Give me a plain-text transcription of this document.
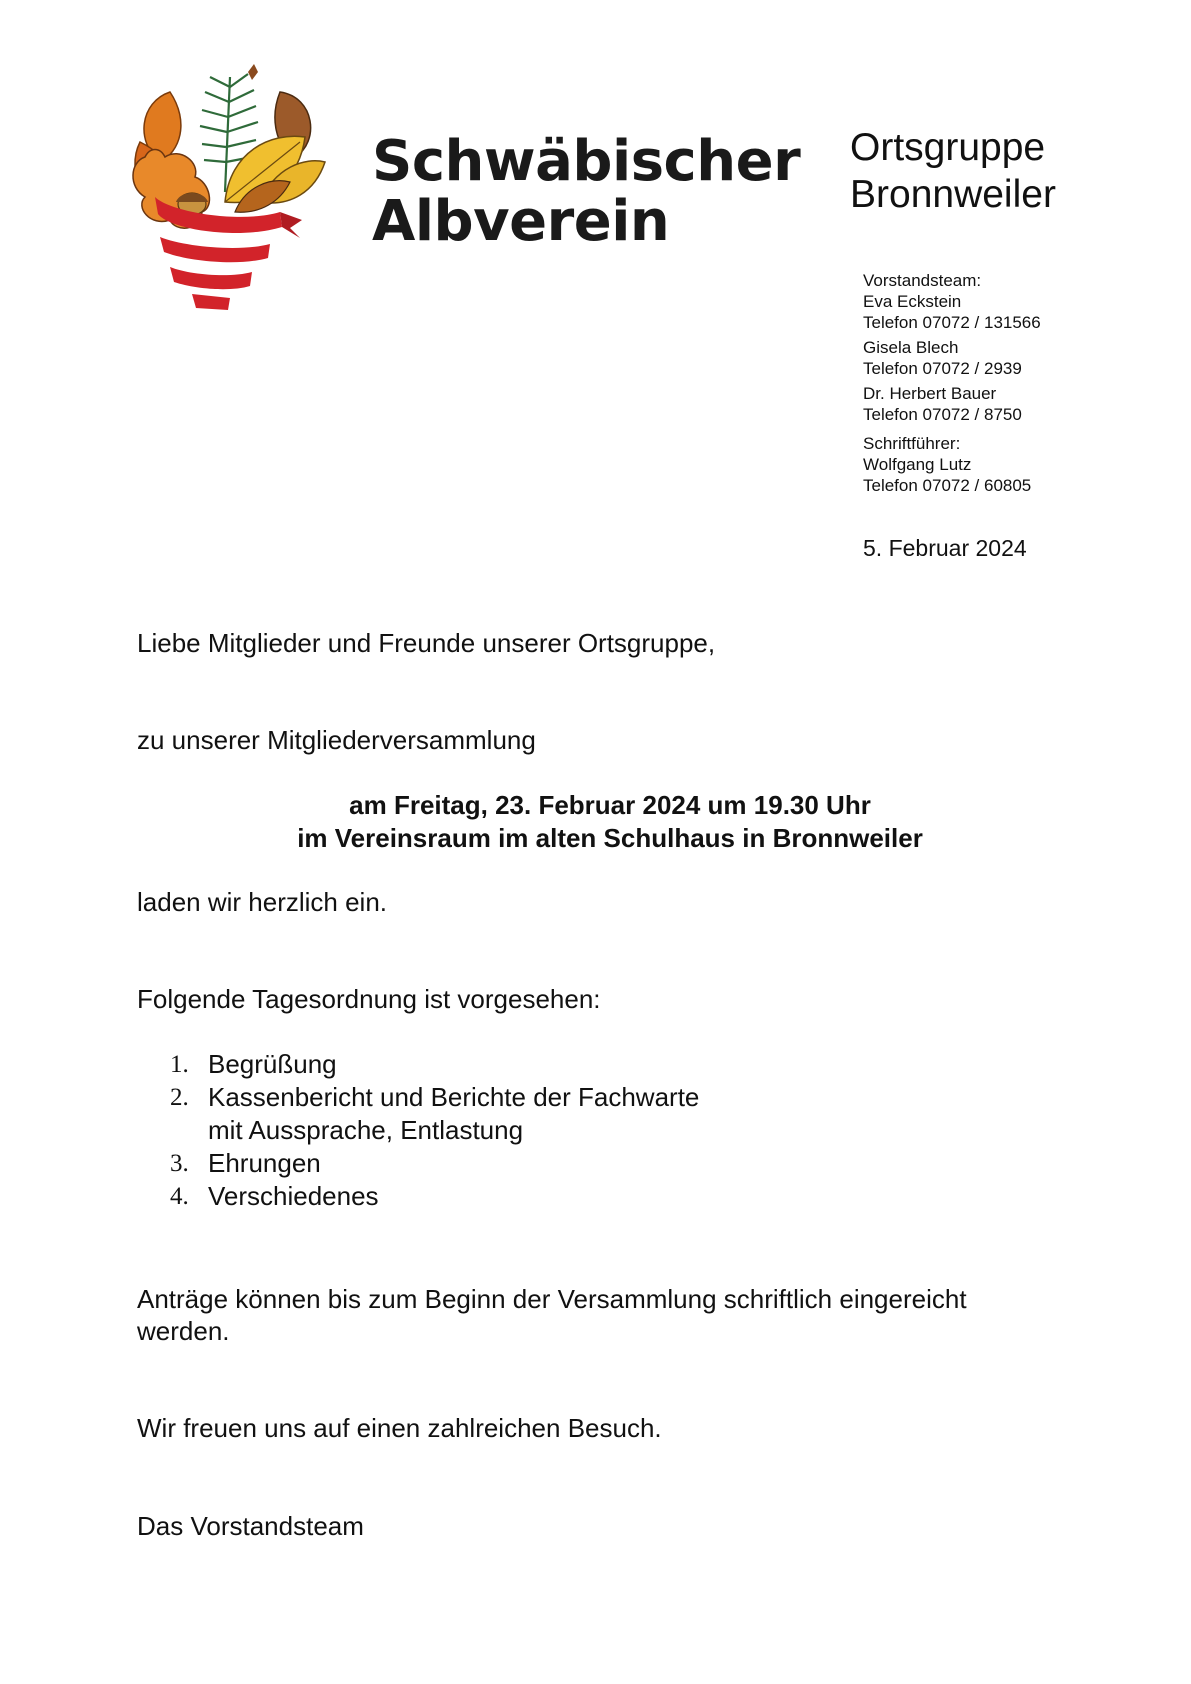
Schwäbischer
Albverein
Ortsgruppe
Bronnweiler
Vorstandsteam:
Eva Eckstein
Telefon 07072 / 131566
Gisela Blech
Telefon 07072 / 2939
Dr. Herbert Bauer
Telefon 07072 / 8750
Schriftführer:
Wolfgang Lutz
Telefon 07072 / 60805
5. Februar 2024
Liebe Mitglieder und Freunde unserer Ortsgruppe,
zu unserer Mitgliederversammlung
am Freitag, 23. Februar 2024 um 19.30 Uhr
im Vereinsraum im alten Schulhaus in Bronnweiler
laden wir herzlich ein.
Folgende Tagesordnung ist vorgesehen:
1. Begrüßung
2. Kassenbericht und Berichte der Fachwarte
mit Aussprache, Entlastung
3. Ehrungen
4. Verschiedenes
Anträge können bis zum Beginn der Versammlung schriftlich eingereicht
werden.
Wir freuen uns auf einen zahlreichen Besuch.
Das Vorstandsteam
